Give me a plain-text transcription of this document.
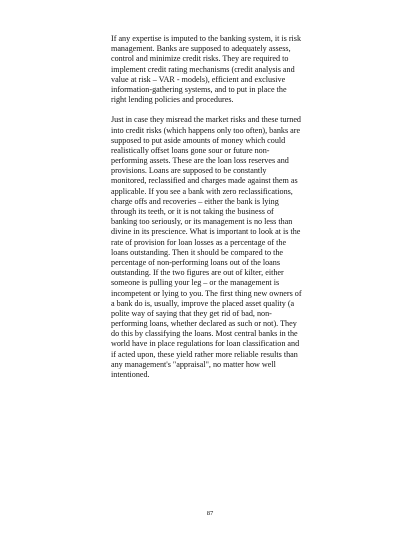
If any expertise is imputed to the banking system, it is risk
management. Banks are supposed to adequately assess,
control and minimize credit risks. They are required to
implement credit rating mechanisms (credit analysis and
value at risk – VAR - models), efficient and exclusive
information-gathering systems, and to put in place the
right lending policies and procedures.
Just in case they misread the market risks and these turned
into credit risks (which happens only too often), banks are
supposed to put aside amounts of money which could
realistically offset loans gone sour or future non-
performing assets. These are the loan loss reserves and
provisions. Loans are supposed to be constantly
monitored, reclassified and charges made against them as
applicable. If you see a bank with zero reclassifications,
charge offs and recoveries – either the bank is lying
through its teeth, or it is not taking the business of
banking too seriously, or its management is no less than
divine in its prescience. What is important to look at is the
rate of provision for loan losses as a percentage of the
loans outstanding. Then it should be compared to the
percentage of non-performing loans out of the loans
outstanding. If the two figures are out of kilter, either
someone is pulling your leg – or the management is
incompetent or lying to you. The first thing new owners of
a bank do is, usually, improve the placed asset quality (a
polite way of saying that they get rid of bad, non-
performing loans, whether declared as such or not). They
do this by classifying the loans. Most central banks in the
world have in place regulations for loan classification and
if acted upon, these yield rather more reliable results than
any management's "appraisal", no matter how well
intentioned.
87
